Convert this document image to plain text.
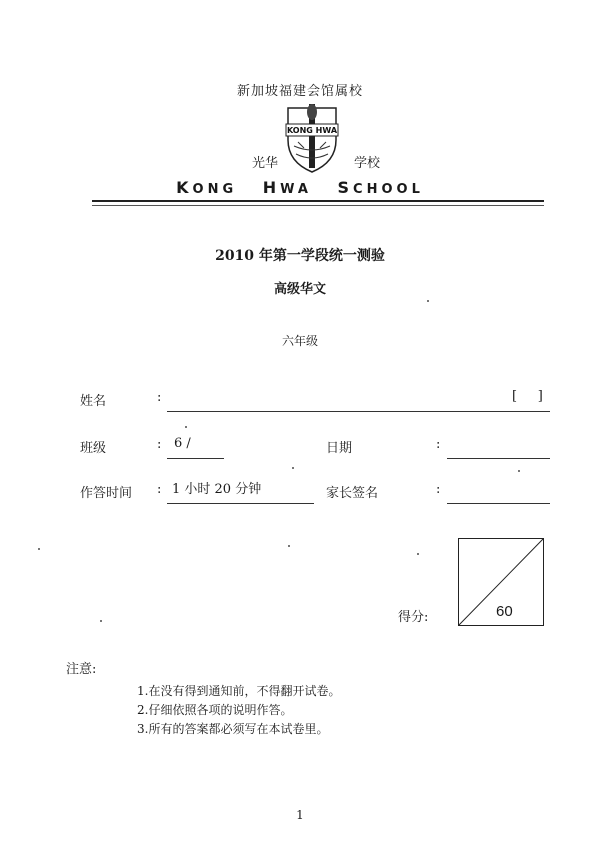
新加坡福建会馆属校
KONG HWA
光华	学校
KONG HWA SCHOOL
2010 年第一学段统一测验
高级华文
六年级
姓名	:	[     ]
班级	: 6 /	日期	:
作答时间 : 1 小时 20 分钟	家长签名	:
得分:	60
注意:
1.在没有得到通知前，不得翻开试卷。
2.仔细依照各项的说明作答。
3.所有的答案都必须写在本试卷里。
1
